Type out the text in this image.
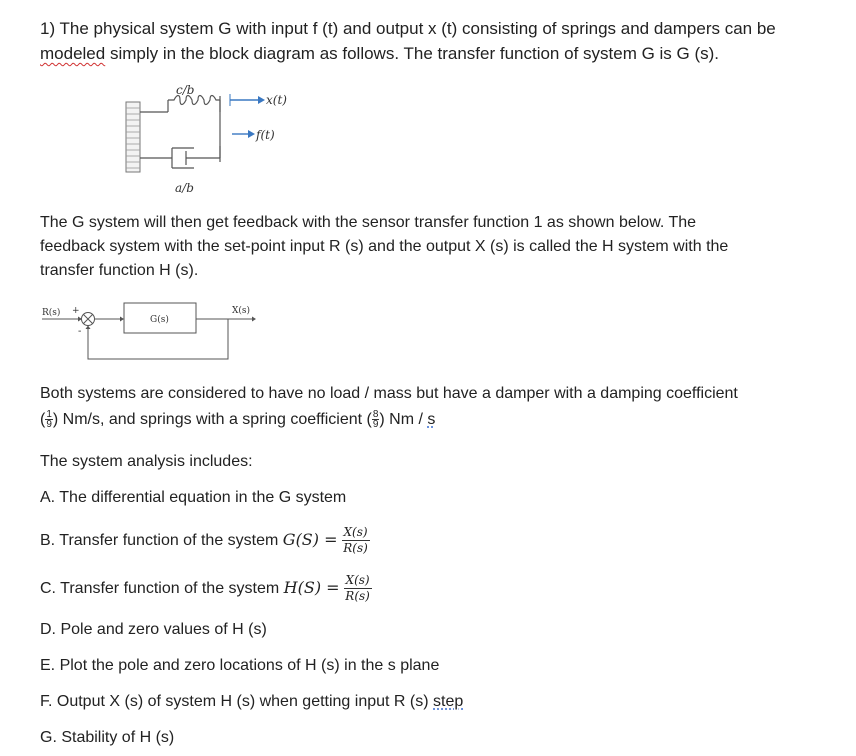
1) The physical system G with input f (t) and output x (t) consisting of springs and dampers can be modeled simply in the block diagram as follows. The transfer function of system G is G (s).

c/b
x(t)
f(t)
a/b

The G system will then get feedback with the sensor transfer function 1 as shown below. The feedback system with the set-point input R (s) and the output X (s) is called the H system with the transfer function H (s).

R(s) +
-
G(s)
X(s)

Both systems are considered to have no load / mass but have a damper with a damping coefficient

( $\frac{1}{9}$ ) Nm/s, and springs with a spring coefficient ( $\frac{8}{9}$ ) Nm / s

The system analysis includes:

A. The differential equation in the G system

B. Transfer function of the system $G(S) = \frac{X(s)}{R(s)}$

C. Transfer function of the system $H(S) = \frac{X(s)}{R(s)}$

D. Pole and zero values of H (s)

E. Plot the pole and zero locations of H (s) in the s plane

F. Output X (s) of system H (s) when getting input R (s) step

G. Stability of H (s)
